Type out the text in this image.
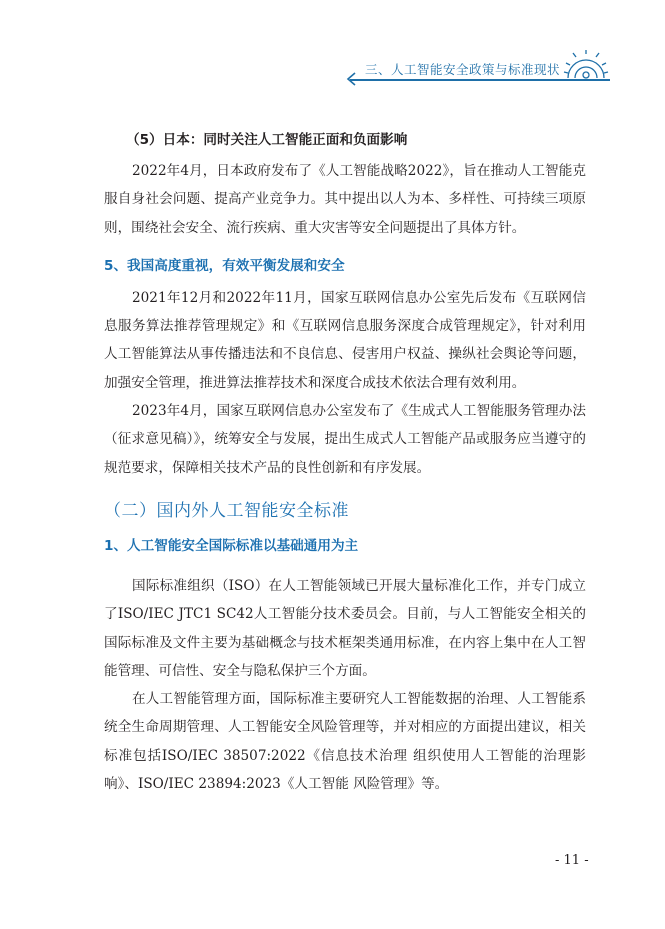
三、人工智能安全政策与标准现状
（5）日本：同时关注人工智能正面和负面影响

2022年4月，日本政府发布了《人工智能战略2022》，旨在推动人工智能克服自身社会问题、提高产业竞争力。其中提出以人为本、多样性、可持续三项原则，围绕社会安全、流行疾病、重大灾害等安全问题提出了具体方针。

5、我国高度重视，有效平衡发展和安全

2021年12月和2022年11月，国家互联网信息办公室先后发布《互联网信息服务算法推荐管理规定》和《互联网信息服务深度合成管理规定》，针对利用人工智能算法从事传播违法和不良信息、侵害用户权益、操纵社会舆论等问题，加强安全管理，推进算法推荐技术和深度合成技术依法合理有效利用。

2023年4月，国家互联网信息办公室发布了《生成式人工智能服务管理办法（征求意见稿）》，统筹安全与发展，提出生成式人工智能产品或服务应当遵守的规范要求，保障相关技术产品的良性创新和有序发展。

（二）国内外人工智能安全标准
1、人工智能安全国际标准以基础通用为主

国际标准组织（ISO）在人工智能领域已开展大量标准化工作，并专门成立了ISO/IEC JTC1 SC42人工智能分技术委员会。目前，与人工智能安全相关的国际标准及文件主要为基础概念与技术框架类通用标准，在内容上集中在人工智能管理、可信性、安全与隐私保护三个方面。

在人工智能管理方面，国际标准主要研究人工智能数据的治理、人工智能系统全生命周期管理、人工智能安全风险管理等，并对相应的方面提出建议，相关标准包括ISO/IEC 38507:2022《信息技术治理 组织使用人工智能的治理影响》、ISO/IEC 23894:2023《人工智能 风险管理》等。

- 11 -
